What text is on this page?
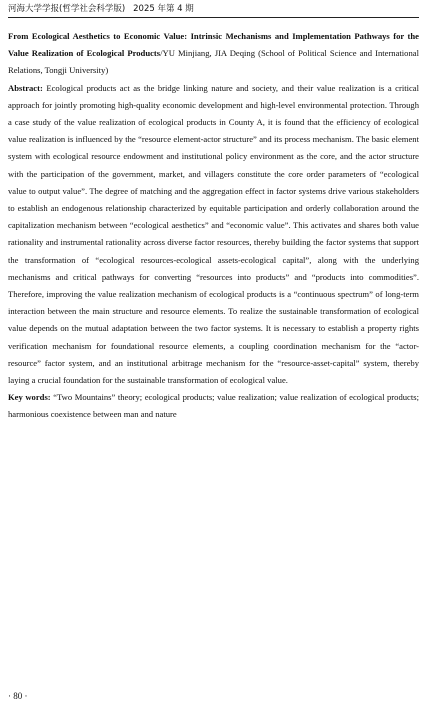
河海大学学报(哲学社会科学版) 2025 年第 4 期

From Ecological Aesthetics to Economic Value: Intrinsic Mechanisms and Implementation Pathways for the Value Realization of Ecological Products/YU Minjiang, JIA Deqing (School of Political Science and International Relations, Tongji University)

Abstract: Ecological products act as the bridge linking nature and society, and their value realization is a critical approach for jointly promoting high-quality economic development and high-level environmental protection. Through a case study of the value realization of ecological products in County A, it is found that the efficiency of ecological value realization is influenced by the “resource element-actor structure” and its process mechanism. The basic element system with ecological resource endowment and institutional policy environment as the core, and the actor structure with the participation of the government, market, and villagers constitute the core order parameters of “ecological value to output value”. The degree of matching and the aggregation effect in factor systems drive various stakeholders to establish an endogenous relationship characterized by equitable participation and orderly collaboration around the capitalization mechanism between “ecological aesthetics” and “economic value”. This activates and shares both value rationality and instrumental rationality across diverse factor resources, thereby building the factor systems that support the transformation of “ecological resources-ecological assets-ecological capital”, along with the underlying mechanisms and critical pathways for converting “resources into products” and “products into commodities”. Therefore, improving the value realization mechanism of ecological products is a “continuous spectrum” of long-term interaction between the main structure and resource elements. To realize the sustainable transformation of ecological value depends on the mutual adaptation between the two factor systems. It is necessary to establish a property rights verification mechanism for foundational resource elements, a coupling coordination mechanism for the “actor-resource” factor system, and an institutional arbitrage mechanism for the “resource-asset-capital” system, thereby laying a crucial foundation for the sustainable transformation of ecological value.

Key words: “Two Mountains” theory; ecological products; value realization; value realization of ecological products; harmonious coexistence between man and nature

· 80 ·
